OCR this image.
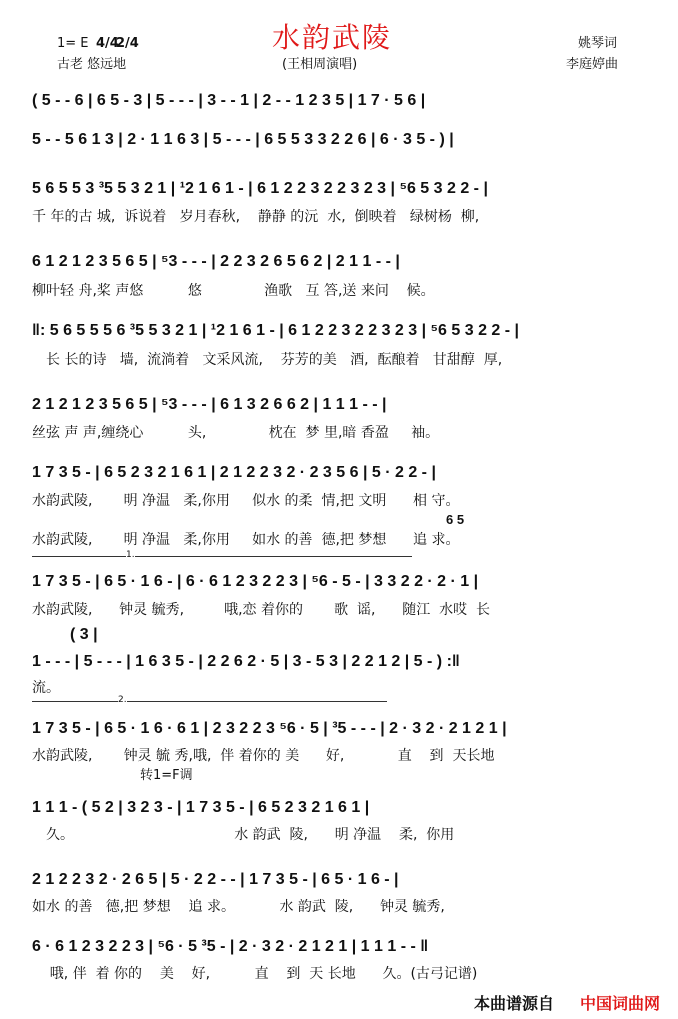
1= E 4/4
2/4	水韵武陵	姚琴词
古老 悠远地	(王相周演唱)	李庭婷曲
( 5 - - 6 | 6 5 - 3 | 5 - - - | 3 - - 1 | 2 - - 1 2 3 5 | 1 7 · 5 6 |
5 - - 5 6 1 3 | 2 · 1 1 6 3 | 5 - - - | 6 5 5 3 3 2 2 6 | 6 · 3 5 - ) |
5 6 5 5 3 ³5 5 3 2 1 | ¹2 1 6 1 - | 6 1 2 2 3 2 2 3 2 3 | ⁵6 5 3 2 2 - |
千 年的古 城,  诉说着   岁月春秋,    静静 的沅  水,  倒映着   绿树杨  柳,
6 1 2 1 2 3 5 6 5 | ⁵3 - - - | 2 2 3 2 6 5 6 2 | 2 1 1 - - |
柳叶轻 舟,桨 声悠          悠              渔歌   互 答,送 来问    候。
‖: 5 6 5 5 5 6 ³5 5 3 2 1 | ¹2 1 6 1 - | 6 1 2 2 3 2 2 3 2 3 | ⁵6 5 3 2 2 - |
长 长的诗   墙,  流淌着   文采风流,    芬芳的美   酒,  酝酿着   甘甜醇  厚,
2 1 2 1 2 3 5 6 5 | ⁵3 - - - | 6 1 3 2 6 6 2 | 1 1 1 - - |
丝弦 声 声,缠绕心          头,              枕在  梦 里,暗 香盈     袖。
1 7 3 5 - | 6 5 2 3 2 1 6 1 | 2 1 2 2 3 2 · 2 3 5 6 | 5 · 2 2 - |
水韵武陵,       明 净温   柔,你用     似水 的柔  情,把 文明      相 守。
6 5
水韵武陵,       明 净温   柔,你用     如水 的善  德,把 梦想      追 求。
1.
1 7 3 5 - | 6 5 · 1 6 - | 6 · 6 1 2 3 2 2 3 | ⁵6 - 5 - | 3 3 2 2 · 2 · 1 |
水韵武陵,      钟灵 毓秀,         哦,恋 着你的       歌  谣,      随江  水哎  长
( 3 |
1 - - - | 5 - - - | 1 6 3 5 - | 2 2 6 2 · 5 | 3 - 5 3 | 2 2 1 2 | 5 - ) :‖
流。
2.
1 7 3 5 - | 6 5 · 1 6 · 6 1 | 2 3 2 2 3 ⁵6 · 5 | ³5 - - - | 2 · 3 2 · 2 1 2 1 |
水韵武陵,       钟灵 毓 秀,哦,  伴 着你的 美      好,            直    到  天长地
转1=F调
1 1 1 - ( 5 2 | 3 2 3 - | 1 7 3 5 - | 6 5 2 3 2 1 6 1 |
久。                                    水 韵武  陵,      明 净温    柔,  你用
2 1 2 2 3 2 · 2 6 5 | 5 · 2 2 - - | 1 7 3 5 - | 6 5 · 1 6 - |
如水 的善   德,把 梦想    追 求。          水 韵武  陵,      钟灵 毓秀,
6 · 6 1 2 3 2 2 3 | ⁵6 · 5 ³5 - | 2 · 3 2 · 2 1 2 1 | 1 1 1 - - ‖
哦, 伴  着 你的    美    好,          直    到  天 长地      久。(古弓记谱)
本曲谱源自 中国词曲网
